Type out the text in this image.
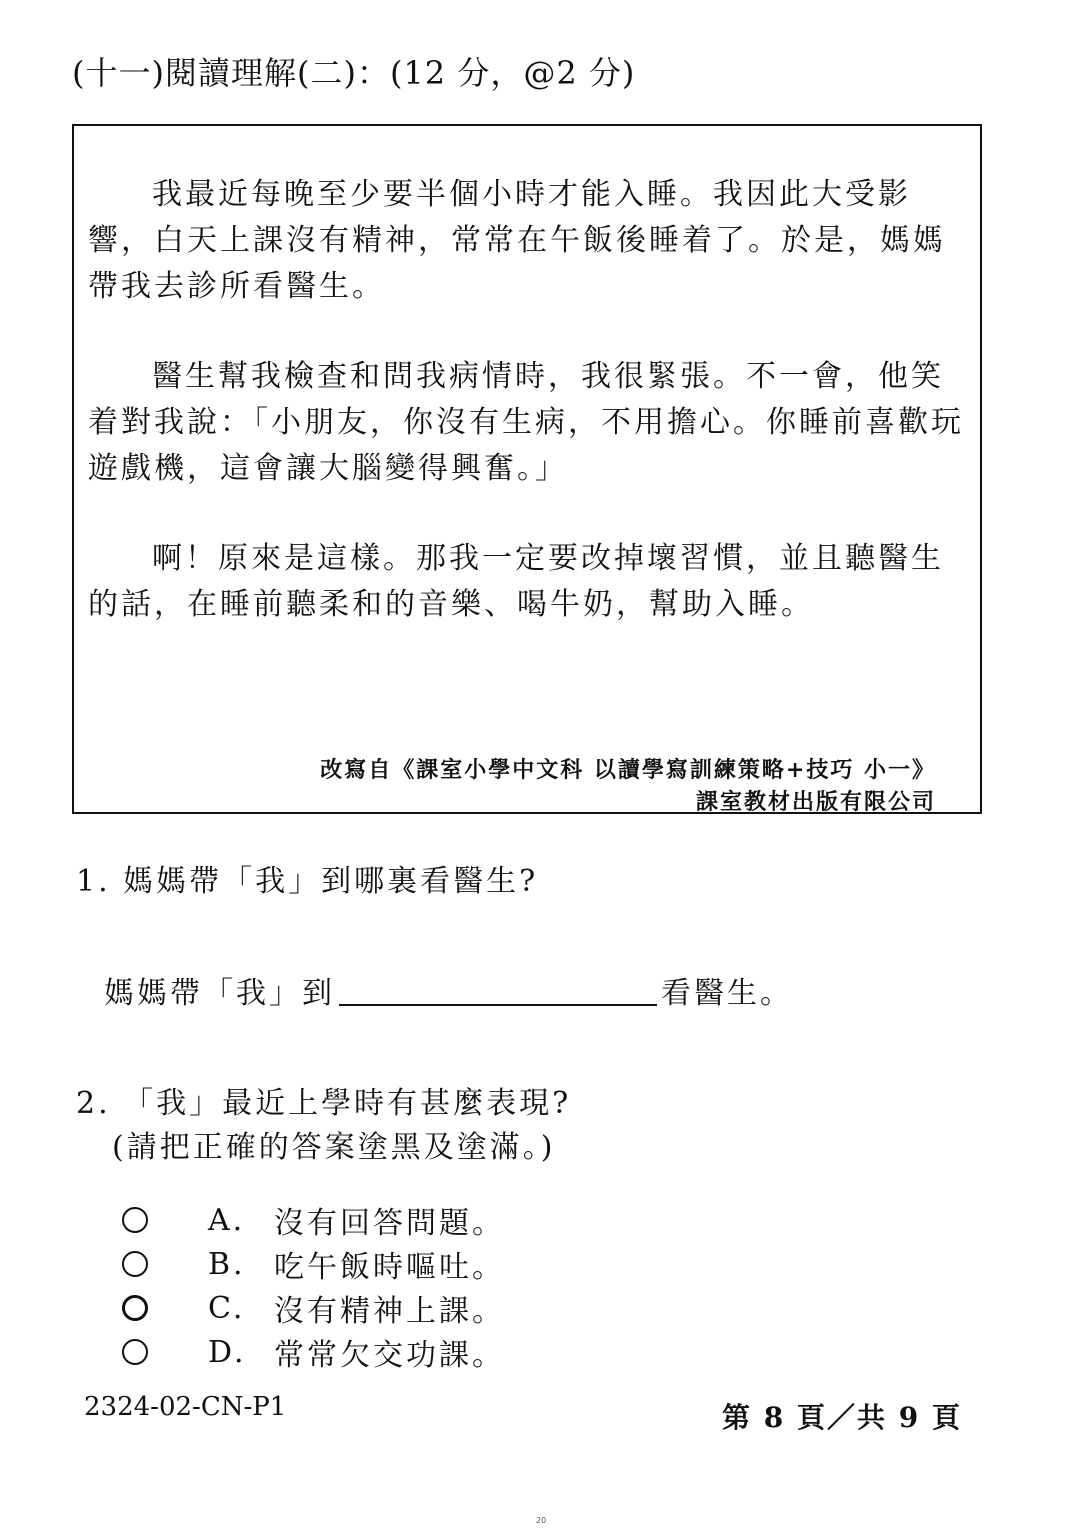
(十一)閱讀理解(二)：(12 分，@2 分)

我最近每晚至少要半個小時才能入睡。我因此大受影響，白天上課沒有精神，常常在午飯後睡着了。於是，媽媽帶我去診所看醫生。

醫生幫我檢查和問我病情時，我很緊張。不一會，他笑着對我說：「小朋友，你沒有生病，不用擔心。你睡前喜歡玩遊戲機，這會讓大腦變得興奮。」

啊！原來是這樣。那我一定要改掉壞習慣，並且聽醫生的話，在睡前聽柔和的音樂、喝牛奶，幫助入睡。

改寫自《課室小學中文科 以讀學寫訓練策略+技巧 小一》
課室教材出版有限公司
1. 媽媽帶「我」到哪裏看醫生?
媽媽帶「我」到	看醫生。
2. 「我」最近上學時有甚麼表現?
(請把正確的答案塗黑及塗滿。)
A. 沒有回答問題。
B. 吃午飯時嘔吐。
C. 沒有精神上課。
D. 常常欠交功課。
2324-02-CN-P1	第 8 頁／共 9 頁
20
